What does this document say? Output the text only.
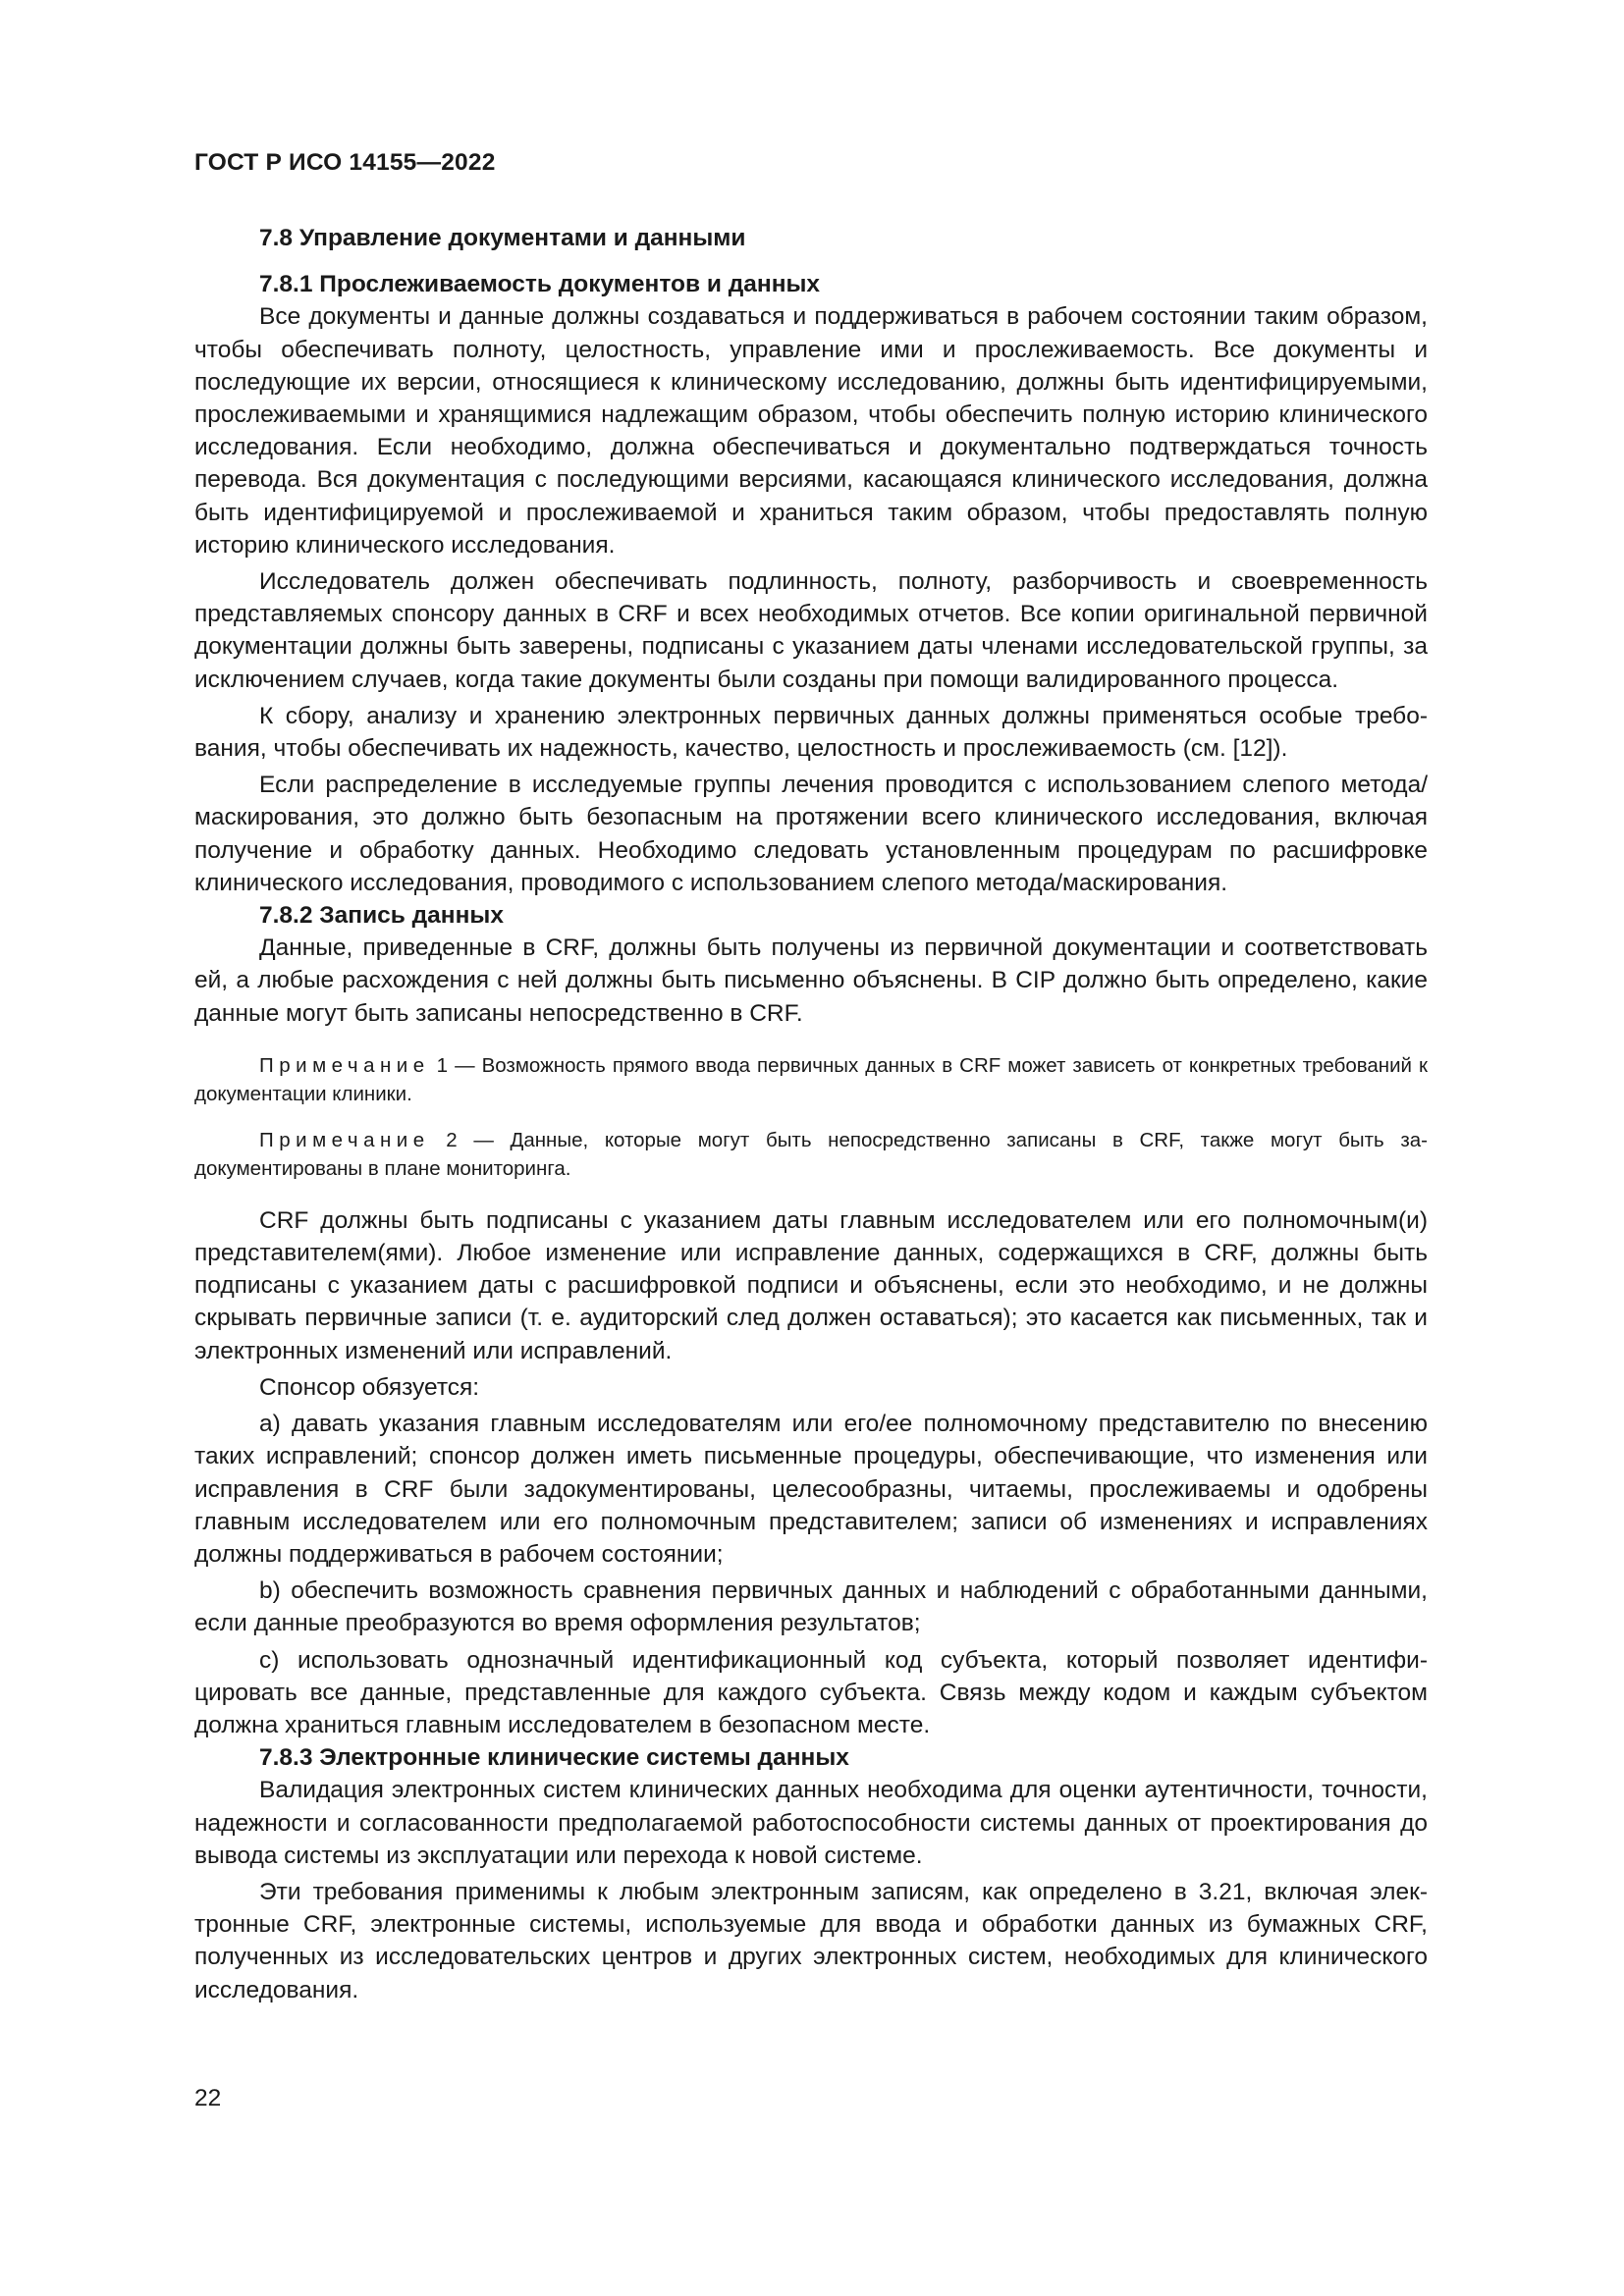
ГОСТ Р ИСО 14155—2022

7.8 Управление документами и данными

7.8.1 Прослеживаемость документов и данных

Все документы и данные должны создаваться и поддерживаться в рабочем состоянии таким образом, чтобы обеспечивать полноту, целостность, управление ими и прослеживаемость. Все документы и последующие их версии, относящиеся к клиническому исследованию, должны быть идентифицируемыми, прослеживаемыми и хранящимися надлежащим образом, чтобы обеспечить полную историю клинического исследования. Если необходимо, должна обеспечиваться и документально подтверждаться точность перевода. Вся документация с последующими версиями, касающаяся клинического исследования, должна быть идентифицируемой и прослеживаемой и храниться таким образом, чтобы предоставлять полную историю клинического исследования.

Исследователь должен обеспечивать подлинность, полноту, разборчивость и своевременность представляемых спонсору данных в CRF и всех необходимых отчетов. Все копии оригинальной первичной документации должны быть заверены, подписаны с указанием даты членами исследовательской группы, за исключением случаев, когда такие документы были созданы при помощи валидированного процесса.

К сбору, анализу и хранению электронных первичных данных должны применяться особые требования, чтобы обеспечивать их надежность, качество, целостность и прослеживаемость (см. [12]).

Если распределение в исследуемые группы лечения проводится с использованием слепого метода/маскирования, это должно быть безопасным на протяжении всего клинического исследования, включая получение и обработку данных. Необходимо следовать установленным процедурам по расшифровке клинического исследования, проводимого с использованием слепого метода/маскирования.

7.8.2 Запись данных

Данные, приведенные в CRF, должны быть получены из первичной документации и соответствовать ей, а любые расхождения с ней должны быть письменно объяснены. В CIP должно быть определено, какие данные могут быть записаны непосредственно в CRF.

Примечание 1 — Возможность прямого ввода первичных данных в CRF может зависеть от конкретных требований к документации клиники.

Примечание 2 — Данные, которые могут быть непосредственно записаны в CRF, также могут быть задокументированы в плане мониторинга.

CRF должны быть подписаны с указанием даты главным исследователем или его полномочным(и) представителем(ями). Любое изменение или исправление данных, содержащихся в CRF, должны быть подписаны с указанием даты с расшифровкой подписи и объяснены, если это необходимо, и не должны скрывать первичные записи (т. е. аудиторский след должен оставаться); это касается как письменных, так и электронных изменений или исправлений.

Спонсор обязуется:

a) давать указания главным исследователям или его/ее полномочному представителю по внесению таких исправлений; спонсор должен иметь письменные процедуры, обеспечивающие, что изменения или исправления в CRF были задокументированы, целесообразны, читаемы, прослеживаемы и одобрены главным исследователем или его полномочным представителем; записи об изменениях и исправлениях должны поддерживаться в рабочем состоянии;

b) обеспечить возможность сравнения первичных данных и наблюдений с обработанными данными, если данные преобразуются во время оформления результатов;

c) использовать однозначный идентификационный код субъекта, который позволяет идентифицировать все данные, представленные для каждого субъекта. Связь между кодом и каждым субъектом должна храниться главным исследователем в безопасном месте.

7.8.3 Электронные клинические системы данных

Валидация электронных систем клинических данных необходима для оценки аутентичности, точности, надежности и согласованности предполагаемой работоспособности системы данных от проектирования до вывода системы из эксплуатации или перехода к новой системе.

Эти требования применимы к любым электронным записям, как определено в 3.21, включая электронные CRF, электронные системы, используемые для ввода и обработки данных из бумажных CRF, полученных из исследовательских центров и других электронных систем, необходимых для клинического исследования.

22
